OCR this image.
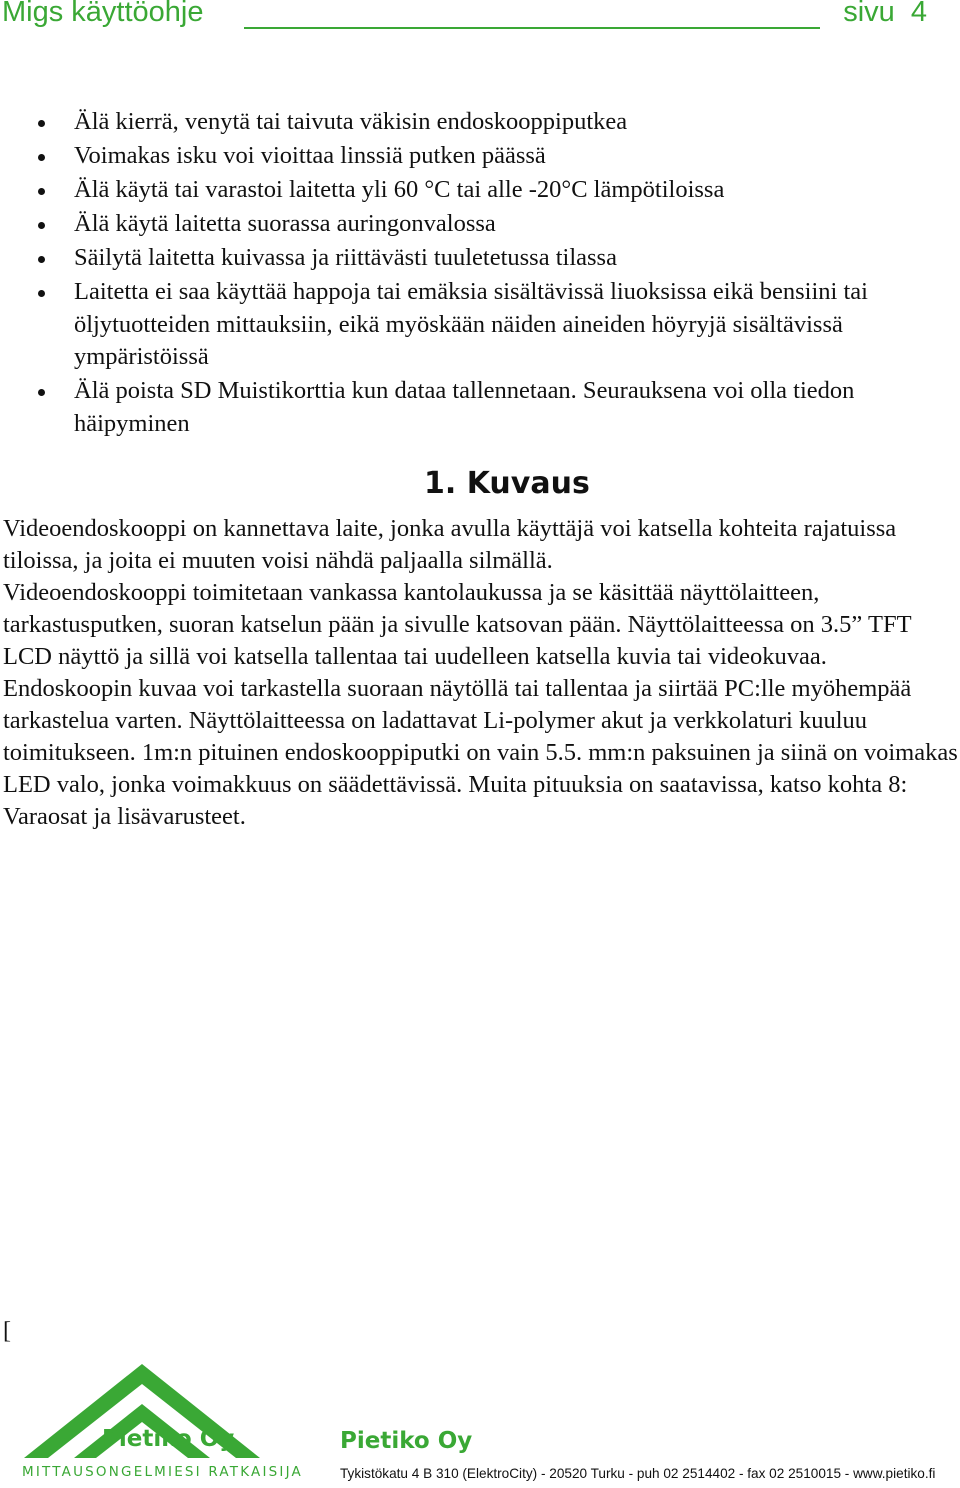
Migs käyttöohje	sivu 4
Älä kierrä, venytä tai taivuta väkisin endoskooppiputkea
Voimakas isku voi vioittaa linssiä putken päässä
Älä käytä tai varastoi laitetta yli 60 °C tai alle -20°C lämpötiloissa
Älä käytä laitetta suorassa auringonvalossa
Säilytä laitetta kuivassa ja riittävästi tuuletetussa tilassa
Laitetta ei saa käyttää happoja tai emäksia sisältävissä liuoksissa eikä bensiini tai öljytuotteiden mittauksiin, eikä myöskään näiden aineiden höyryjä sisältävissä ympäristöissä
Älä poista SD Muistikorttia kun dataa tallennetaan. Seurauksena voi olla tiedon häipyminen
1. Kuvaus

Videoendoskooppi on kannettava laite, jonka avulla käyttäjä voi katsella kohteita rajatuissa tiloissa, ja joita ei muuten voisi nähdä paljaalla silmällä.

Videoendoskooppi toimitetaan vankassa kantolaukussa ja se käsittää näyttölaitteen, tarkastusputken, suoran katselun pään ja sivulle katsovan pään. Näyttölaitteessa on 3.5” TFT LCD näyttö ja sillä voi katsella tallentaa tai uudelleen katsella kuvia tai videokuvaa.

Endoskoopin kuvaa voi tarkastella suoraan näytöllä tai tallentaa ja siirtää PC:lle myöhempää tarkastelua varten. Näyttölaitteessa on ladattavat Li-polymer akut ja verkkolaturi kuuluu toimitukseen. 1m:n pituinen endoskooppiputki on vain 5.5. mm:n paksuinen ja siinä on voimakas LED valo, jonka voimakkuus on säädettävissä. Muita pituuksia on saatavissa, katso kohta 8: Varaosat ja lisävarusteet.

[
Pietiko Oy
MITTAUSONGELMIESI RATKAISIJA
Pietiko Oy
Tykistökatu 4 B 310 (ElektroCity) - 20520 Turku - puh 02 2514402 - fax 02 2510015 - www.pietiko.fi
